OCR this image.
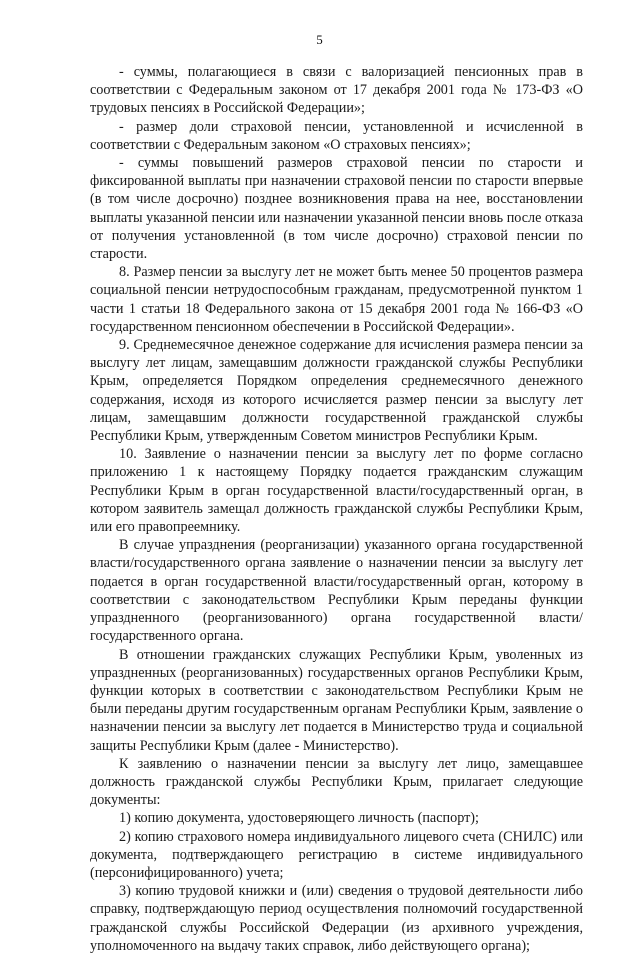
5

- суммы, полагающиеся в связи с валоризацией пенсионных прав в соответствии с Федеральным законом от 17 декабря 2001 года № 173-ФЗ «О трудовых пенсиях в Российской Федерации»;

- размер доли страховой пенсии, установленной и исчисленной в соответствии с Федеральным законом «О страховых пенсиях»;

- суммы повышений размеров страховой пенсии по старости и фиксированной выплаты при назначении страховой пенсии по старости впервые (в том числе досрочно) позднее возникновения права на нее, восстановлении выплаты указанной пенсии или назначении указанной пенсии вновь после отказа от получения установленной (в том числе досрочно) страховой пенсии по старости.

8. Размер пенсии за выслугу лет не может быть менее 50 процентов размера социальной пенсии нетрудоспособным гражданам, предусмотренной пунктом 1 части 1 статьи 18 Федерального закона от 15 декабря 2001 года № 166-ФЗ «О государственном пенсионном обеспечении в Российской Федерации».

9. Среднемесячное денежное содержание для исчисления размера пенсии за выслугу лет лицам, замещавшим должности гражданской службы Республики Крым, определяется Порядком определения среднемесячного денежного содержания, исходя из которого исчисляется размер пенсии за выслугу лет лицам, замещавшим должности государственной гражданской службы Республики Крым, утвержденным Советом министров Республики Крым.

10. Заявление о назначении пенсии за выслугу лет по форме согласно приложению 1 к настоящему Порядку подается гражданским служащим Республики Крым в орган государственной власти/государственный орган, в котором заявитель замещал должность гражданской службы Республики Крым, или его правопреемнику.

В случае упразднения (реорганизации) указанного органа государственной власти/государственного органа заявление о назначении пенсии за выслугу лет подается в орган государственной власти/государственный орган, которому в соответствии с законодательством Республики Крым переданы функции упраздненного (реорганизованного) органа государственной власти/ государственного органа.

В отношении гражданских служащих Республики Крым, уволенных из упраздненных (реорганизованных) государственных органов Республики Крым, функции которых в соответствии с законодательством Республики Крым не были переданы другим государственным органам Республики Крым, заявление о назначении пенсии за выслугу лет подается в Министерство труда и социальной защиты Республики Крым (далее - Министерство).

К заявлению о назначении пенсии за выслугу лет лицо, замещавшее должность гражданской службы Республики Крым, прилагает следующие документы:

1) копию документа, удостоверяющего личность (паспорт);

2) копию страхового номера индивидуального лицевого счета (СНИЛС) или документа, подтверждающего регистрацию в системе индивидуального (персонифицированного) учета;

3) копию трудовой книжки и (или) сведения о трудовой деятельности либо справку, подтверждающую период осуществления полномочий государственной гражданской службы Российской Федерации (из архивного учреждения, уполномоченного на выдачу таких справок, либо действующего органа);
